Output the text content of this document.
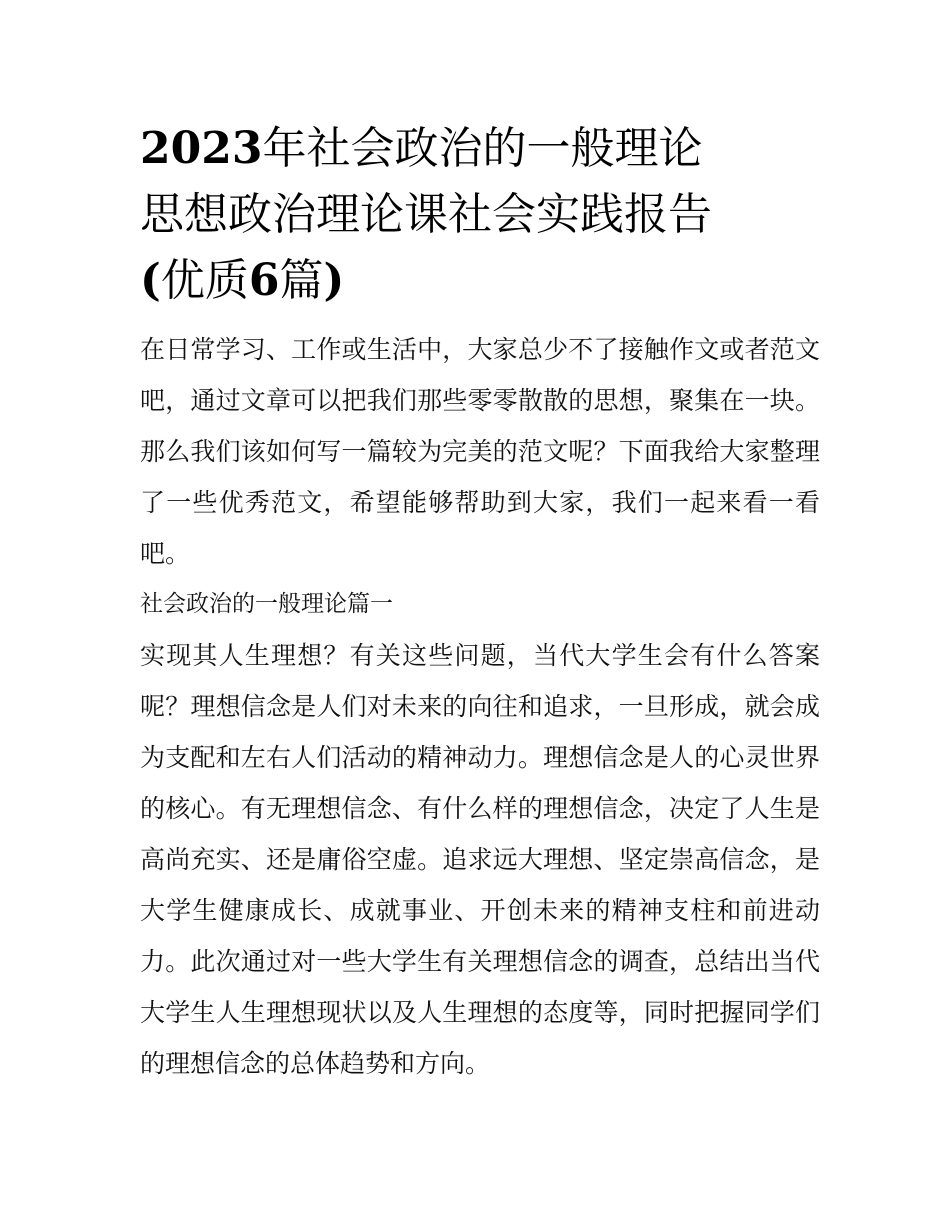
2023年社会政治的一般理论
思想政治理论课社会实践报告
(优质6篇)

在日常学习、工作或生活中，大家总少不了接触作文或者范文吧，通过文章可以把我们那些零零散散的思想，聚集在一块。那么我们该如何写一篇较为完美的范文呢？下面我给大家整理了一些优秀范文，希望能够帮助到大家，我们一起来看一看吧。

社会政治的一般理论篇一

实现其人生理想？有关这些问题，当代大学生会有什么答案呢？理想信念是人们对未来的向往和追求，一旦形成，就会成为支配和左右人们活动的精神动力。理想信念是人的心灵世界的核心。有无理想信念、有什么样的理想信念，决定了人生是高尚充实、还是庸俗空虚。追求远大理想、坚定崇高信念，是大学生健康成长、成就事业、开创未来的精神支柱和前进动力。此次通过对一些大学生有关理想信念的调查，总结出当代大学生人生理想现状以及人生理想的态度等，同时把握同学们的理想信念的总体趋势和方向。
